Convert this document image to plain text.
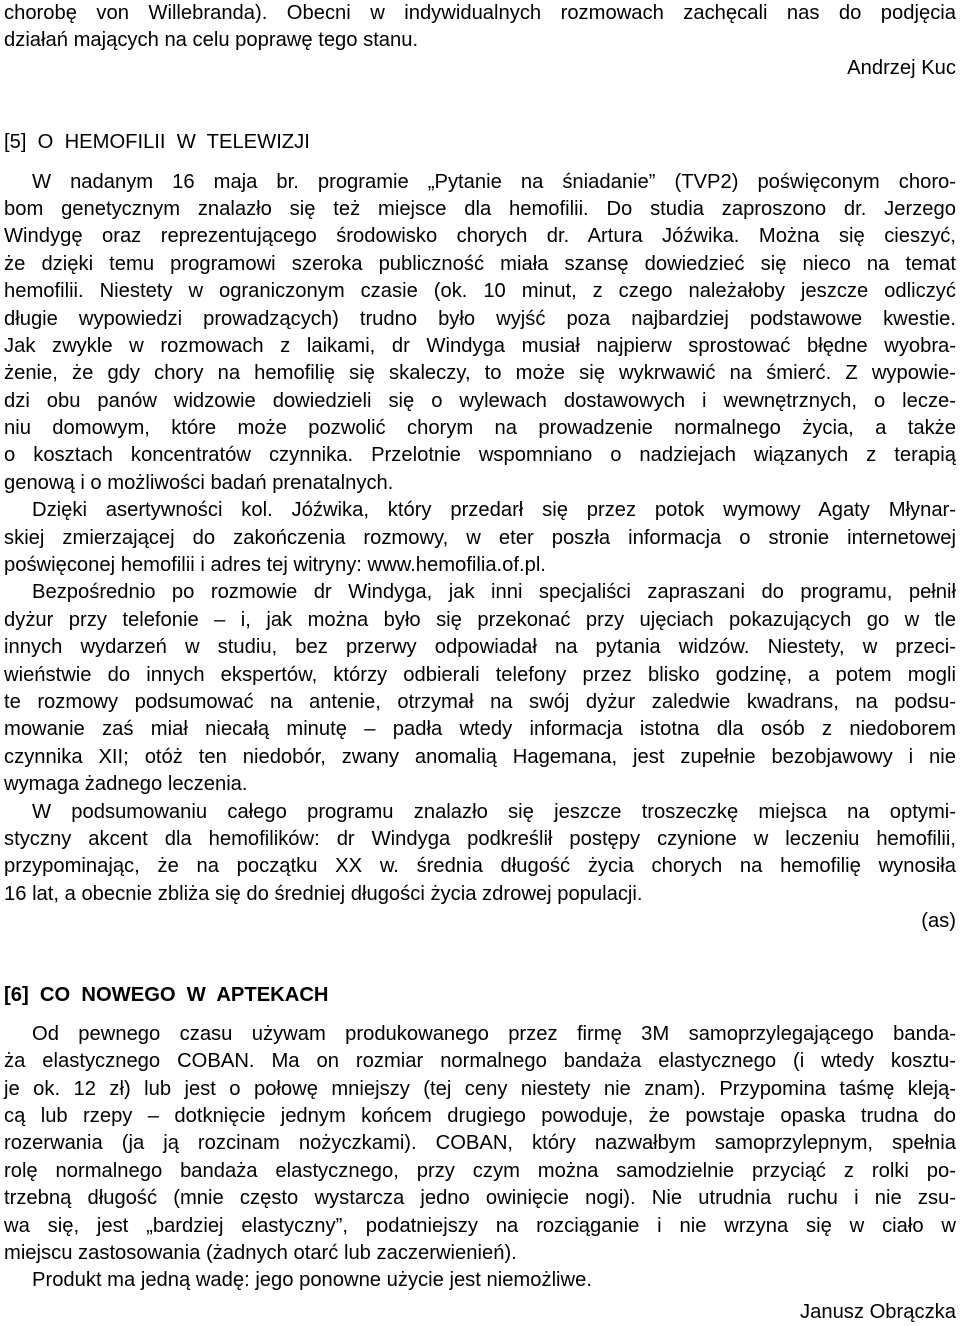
chorobę von Willebranda). Obecni w indywidualnych rozmowach zachęcali nas do podjęcia
działań mających na celu poprawę tego stanu.
Andrzej Kuc
[5]  O  HEMOFILII  W  TELEWIZJI
W nadanym 16 maja br. programie „Pytanie na śniadanie” (TVP2) poświęconym choro-
bom genetycznym znalazło się też miejsce dla hemofilii. Do studia zaproszono dr. Jerzego
Windygę oraz reprezentującego środowisko chorych dr. Artura Jóźwika. Można się cieszyć,
że dzięki temu programowi szeroka publiczność miała szansę dowiedzieć się nieco na temat
hemofilii. Niestety w ograniczonym czasie (ok. 10 minut, z czego należałoby jeszcze odliczyć
długie wypowiedzi prowadzących) trudno było wyjść poza najbardziej podstawowe kwestie.
Jak zwykle w rozmowach z laikami, dr Windyga musiał najpierw sprostować błędne wyobra-
żenie, że gdy chory na hemofilię się skaleczy, to może się wykrwawić na śmierć. Z wypowie-
dzi obu panów widzowie dowiedzieli się o wylewach dostawowych i wewnętrznych, o lecze-
niu domowym, które może pozwolić chorym na prowadzenie normalnego życia, a także
o kosztach koncentratów czynnika. Przelotnie wspomniano o nadziejach wiązanych z terapią
genową i o możliwości badań prenatalnych.
Dzięki asertywności kol. Jóźwika, który przedarł się przez potok wymowy Agaty Młynar-
skiej zmierzającej do zakończenia rozmowy, w eter poszła informacja o stronie internetowej
poświęconej hemofilii i adres tej witryny: www.hemofilia.of.pl.
Bezpośrednio po rozmowie dr Windyga, jak inni specjaliści zapraszani do programu, pełnił
dyżur przy telefonie – i, jak można było się przekonać przy ujęciach pokazujących go w tle
innych wydarzeń w studiu, bez przerwy odpowiadał na pytania widzów. Niestety, w przeci-
wieństwie do innych ekspertów, którzy odbierali telefony przez blisko godzinę, a potem mogli
te rozmowy podsumować na antenie, otrzymał na swój dyżur zaledwie kwadrans, na podsu-
mowanie zaś miał niecałą minutę – padła wtedy informacja istotna dla osób z niedoborem
czynnika XII; otóż ten niedobór, zwany anomalią Hagemana, jest zupełnie bezobjawowy i nie
wymaga żadnego leczenia.
W podsumowaniu całego programu znalazło się jeszcze troszeczkę miejsca na optymi-
styczny akcent dla hemofilików: dr Windyga podkreślił postępy czynione w leczeniu hemofilii,
przypominając, że na początku XX w. średnia długość życia chorych na hemofilię wynosiła
16 lat, a obecnie zbliża się do średniej długości życia zdrowej populacji.
(as)
[6]  CO  NOWEGO  W  APTEKACH
Od pewnego czasu używam produkowanego przez firmę 3M samoprzylegającego banda-
ża elastycznego COBAN. Ma on rozmiar normalnego bandaża elastycznego (i wtedy kosztu-
je ok. 12 zł) lub jest o połowę mniejszy (tej ceny niestety nie znam). Przypomina taśmę kleją-
cą lub rzepy – dotknięcie jednym końcem drugiego powoduje, że powstaje opaska trudna do
rozerwania (ja ją rozcinam nożyczkami). COBAN, który nazwałbym samoprzylepnym, spełnia
rolę normalnego bandaża elastycznego, przy czym można samodzielnie przyciąć z rolki po-
trzebną długość (mnie często wystarcza jedno owinięcie nogi). Nie utrudnia ruchu i nie zsu-
wa się, jest „bardziej elastyczny”, podatniejszy na rozciąganie i nie wrzyna się w ciało w
miejscu zastosowania (żadnych otarć lub zaczerwienień).
Produkt ma jedną wadę: jego ponowne użycie jest niemożliwe.
Janusz Obrączka
